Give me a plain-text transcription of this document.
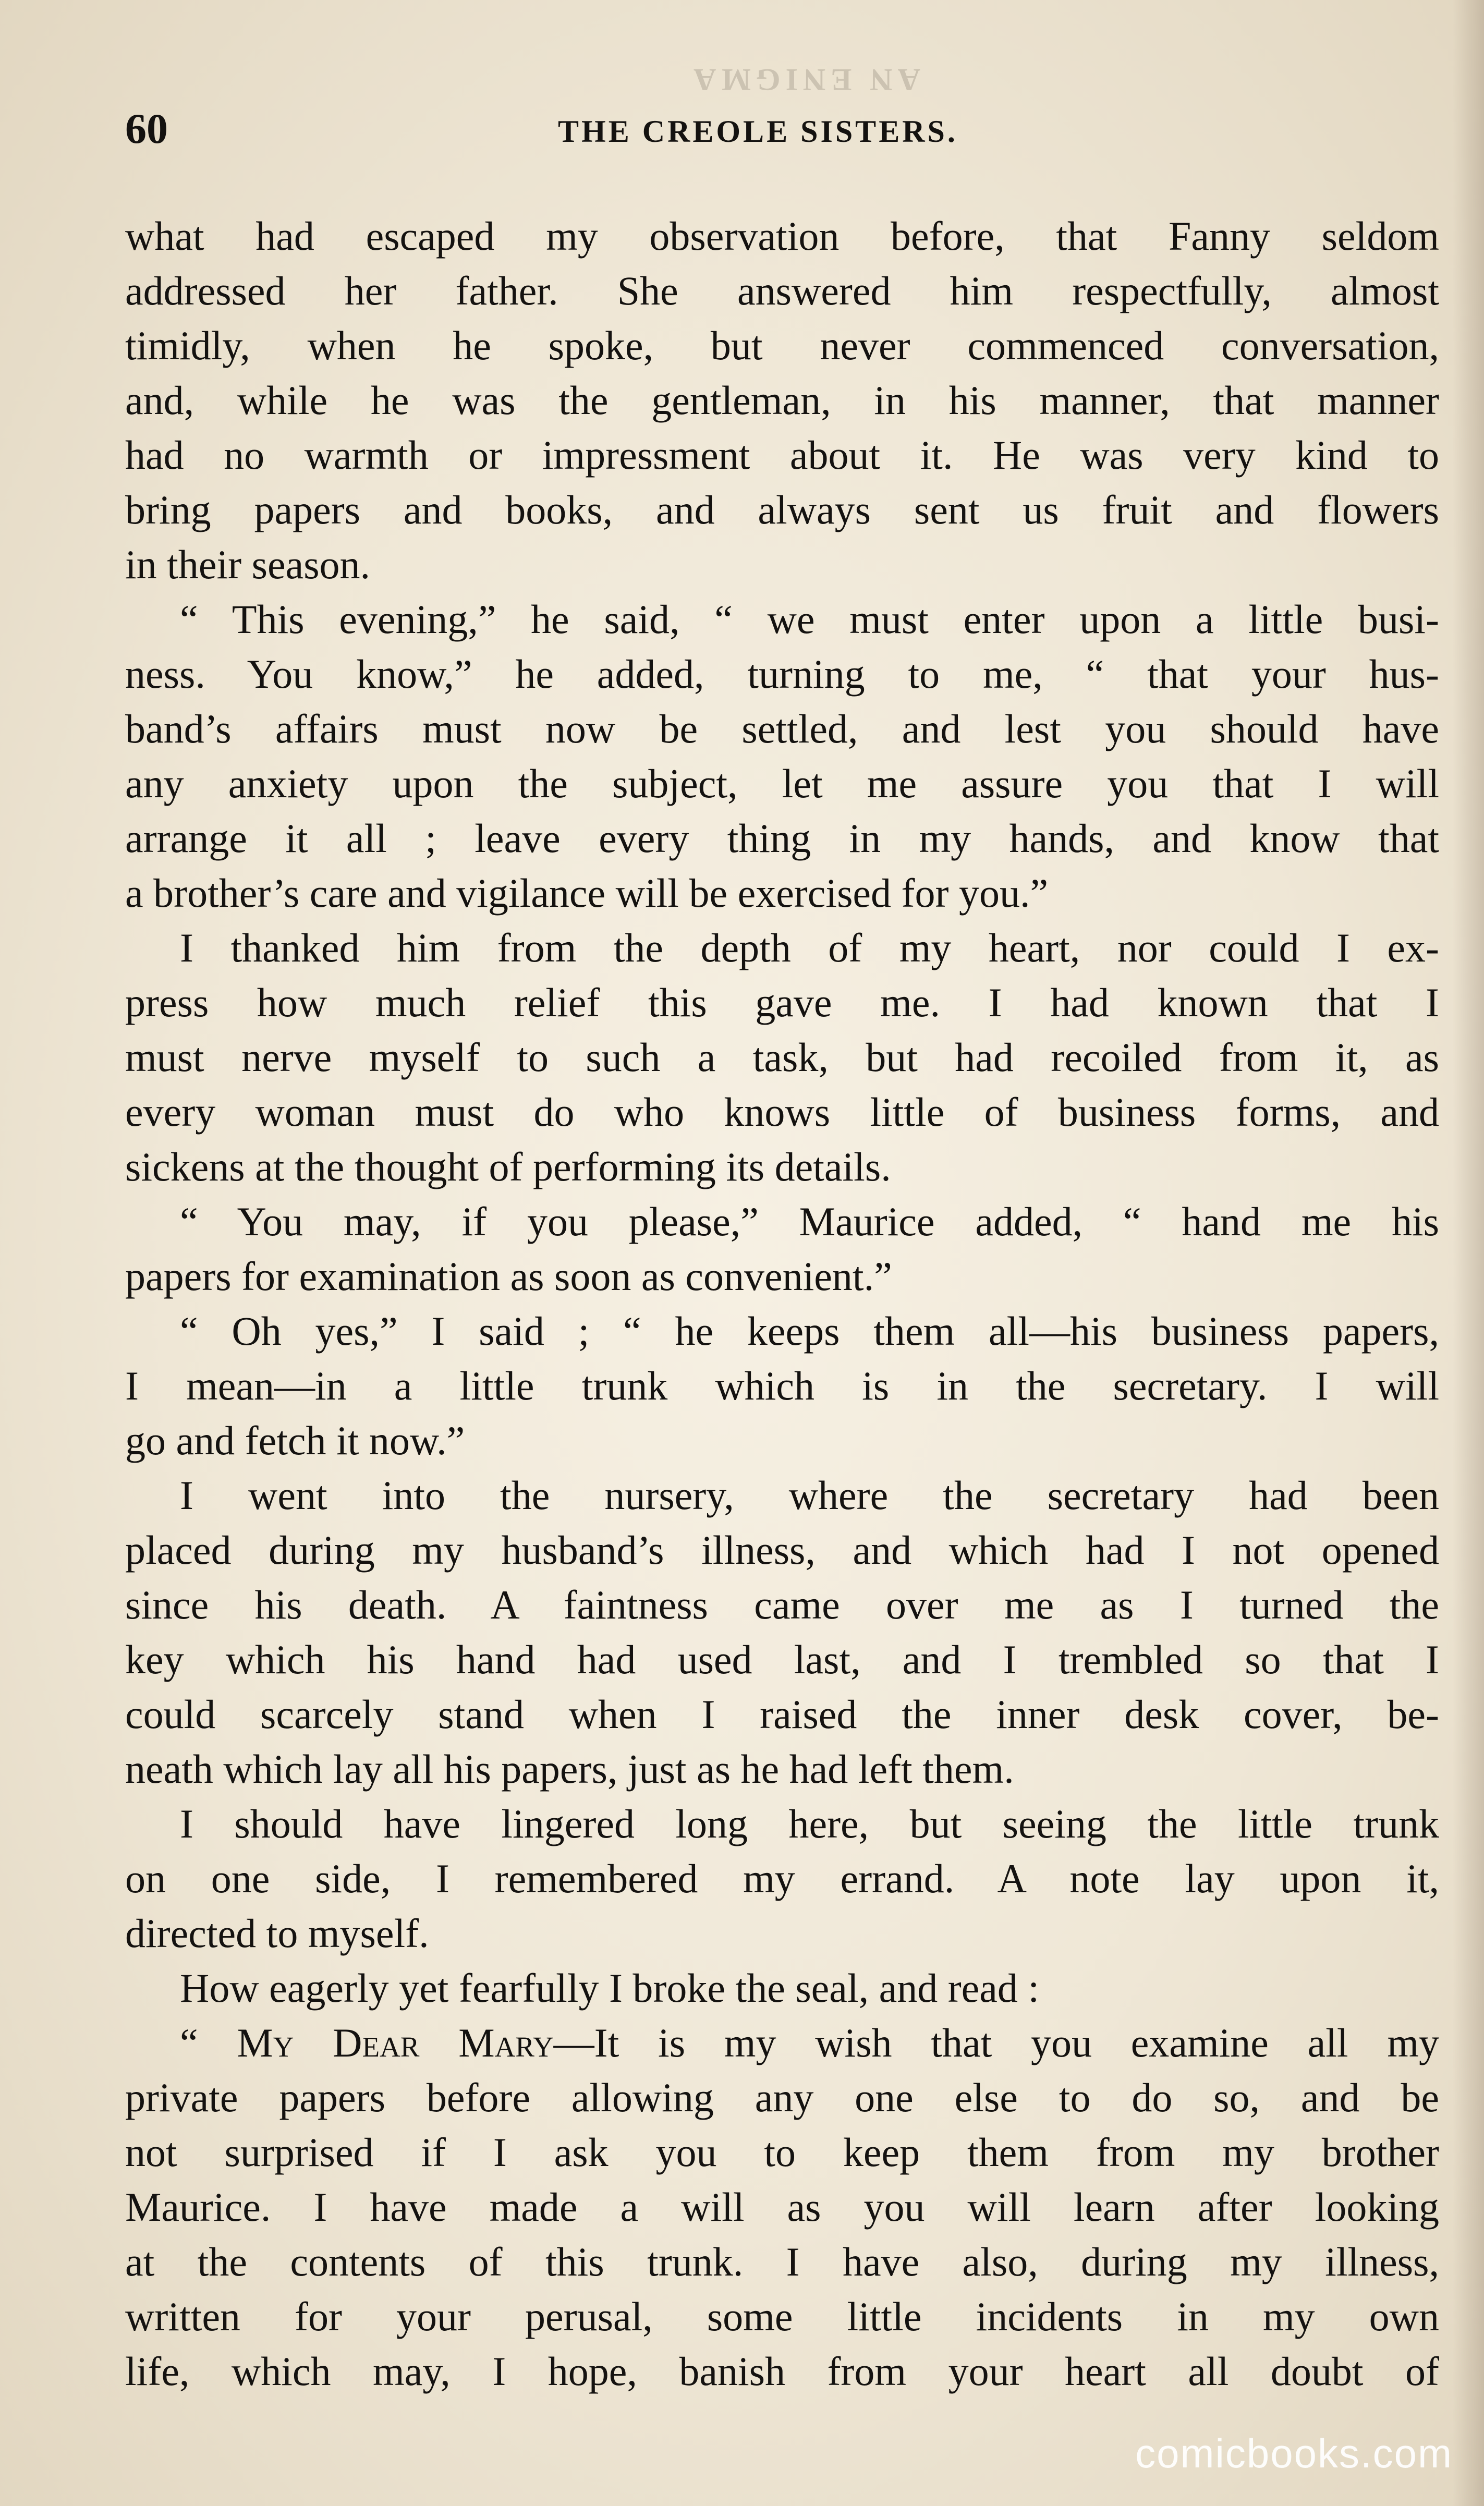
AN ENIGMA
60	THE CREOLE SISTERS.
what had escaped my observation before, that Fanny seldom
addressed her father. She answered him respectfully, almost
timidly, when he spoke, but never commenced conversation,
and, while he was the gentleman, in his manner, that manner
had no warmth or impressment about it. He was very kind to
bring papers and books, and always sent us fruit and flowers
in their season.
“ This evening,” he said, “ we must enter upon a little busi-
ness. You know,” he added, turning to me, “ that your hus-
band’s affairs must now be settled, and lest you should have
any anxiety upon the subject, let me assure you that I will
arrange it all ; leave every thing in my hands, and know that
a brother’s care and vigilance will be exercised for you.”
I thanked him from the depth of my heart, nor could I ex-
press how much relief this gave me. I had known that I
must nerve myself to such a task, but had recoiled from it, as
every woman must do who knows little of business forms, and
sickens at the thought of performing its details.
“ You may, if you please,” Maurice added, “ hand me his
papers for examination as soon as convenient.”
“ Oh yes,” I said ; “ he keeps them all—his business papers,
I mean—in a little trunk which is in the secretary. I will
go and fetch it now.”
I went into the nursery, where the secretary had been
placed during my husband’s illness, and which had I not opened
since his death. A faintness came over me as I turned the
key which his hand had used last, and I trembled so that I
could scarcely stand when I raised the inner desk cover, be-
neath which lay all his papers, just as he had left them.
I should have lingered long here, but seeing the little trunk
on one side, I remembered my errand. A note lay upon it,
directed to myself.
How eagerly yet fearfully I broke the seal, and read :
“ My Dear Mary—It is my wish that you examine all my
private papers before allowing any one else to do so, and be
not surprised if I ask you to keep them from my brother
Maurice. I have made a will as you will learn after looking
at the contents of this trunk. I have also, during my illness,
written for your perusal, some little incidents in my own
life, which may, I hope, banish from your heart all doubt of
comicbooks.com
